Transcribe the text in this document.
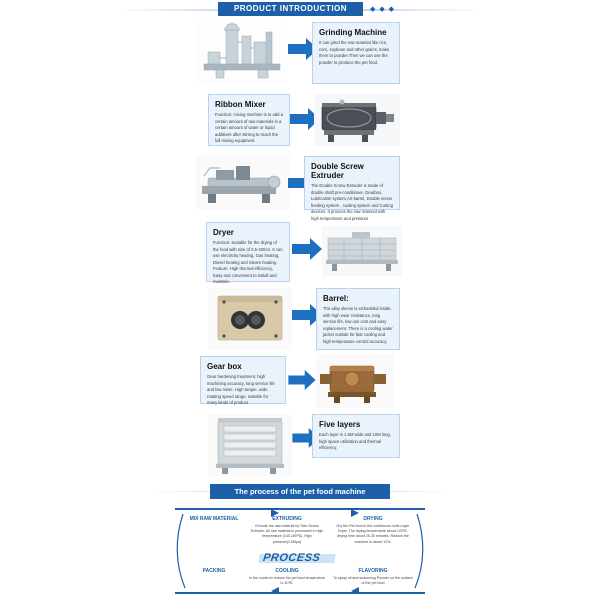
PRODUCT INTRODUCTION	◆ ◆ ◆
Grinding Machine

It can grind the raw material like rice, corn, soybean and other grains, make them to powder.Then we can use the powder to produce the pet food.

Ribbon Mixer

Function: mixing machine is to add a certain amount of raw materials in a certain amount of water or liquid additives after stirring to reach the full mixing equipment.

Double Screw Extruder

The Double Screw Extruder is made of double shaft pre-conditioner, Gearbox, Lubrication system,Air-barrel, Double screw feeding system , cooling system and Cutting devices. It process the raw material with high temperature and pressure

Dryer

Function: Suitable for the drying of the food with size of 0.5-40mm. It can use electricity heating, Gas heating, Diesel heating and Steam heating. Feature: High thermal efficiency, Easy and convenient to install and maintain.

Barrel:

The alloy sleeve is embedded inside, with high wear resistance, long service life, low use cost and easy replacement. There is a cooling water jacket outside for fast cooling and high temperature control accuracy.

Gear box

Gear hardening treatment, high machining accuracy, long service life and low noise. High torque, wide rotating speed range, suitable for many kinds of product.

Five layers

Each layer is 1.5M wide and 10M long, high space utilization and thermal efficiency.

The process of the pet food machine
MIX RAW MATERIAL	EXTRUDING
Extrude the raw material by Twin-Screw Extruder, All raw material is processed in high temperature (140-160℃), High pressure(3.6Mpa)
DRYING
Dry the Pet food in the continuous multi-Layer Dryer, The drying temperature about 120℃, drying time about 25-30 minutes. Reduce the moisture to about 12%.
PROCESS
PACKING	COOLING
In the cooler,to reduce the pet food temperature to 40℃.
FLAVORING
To spray oil and seasoning Powder on the surface of the pet food
